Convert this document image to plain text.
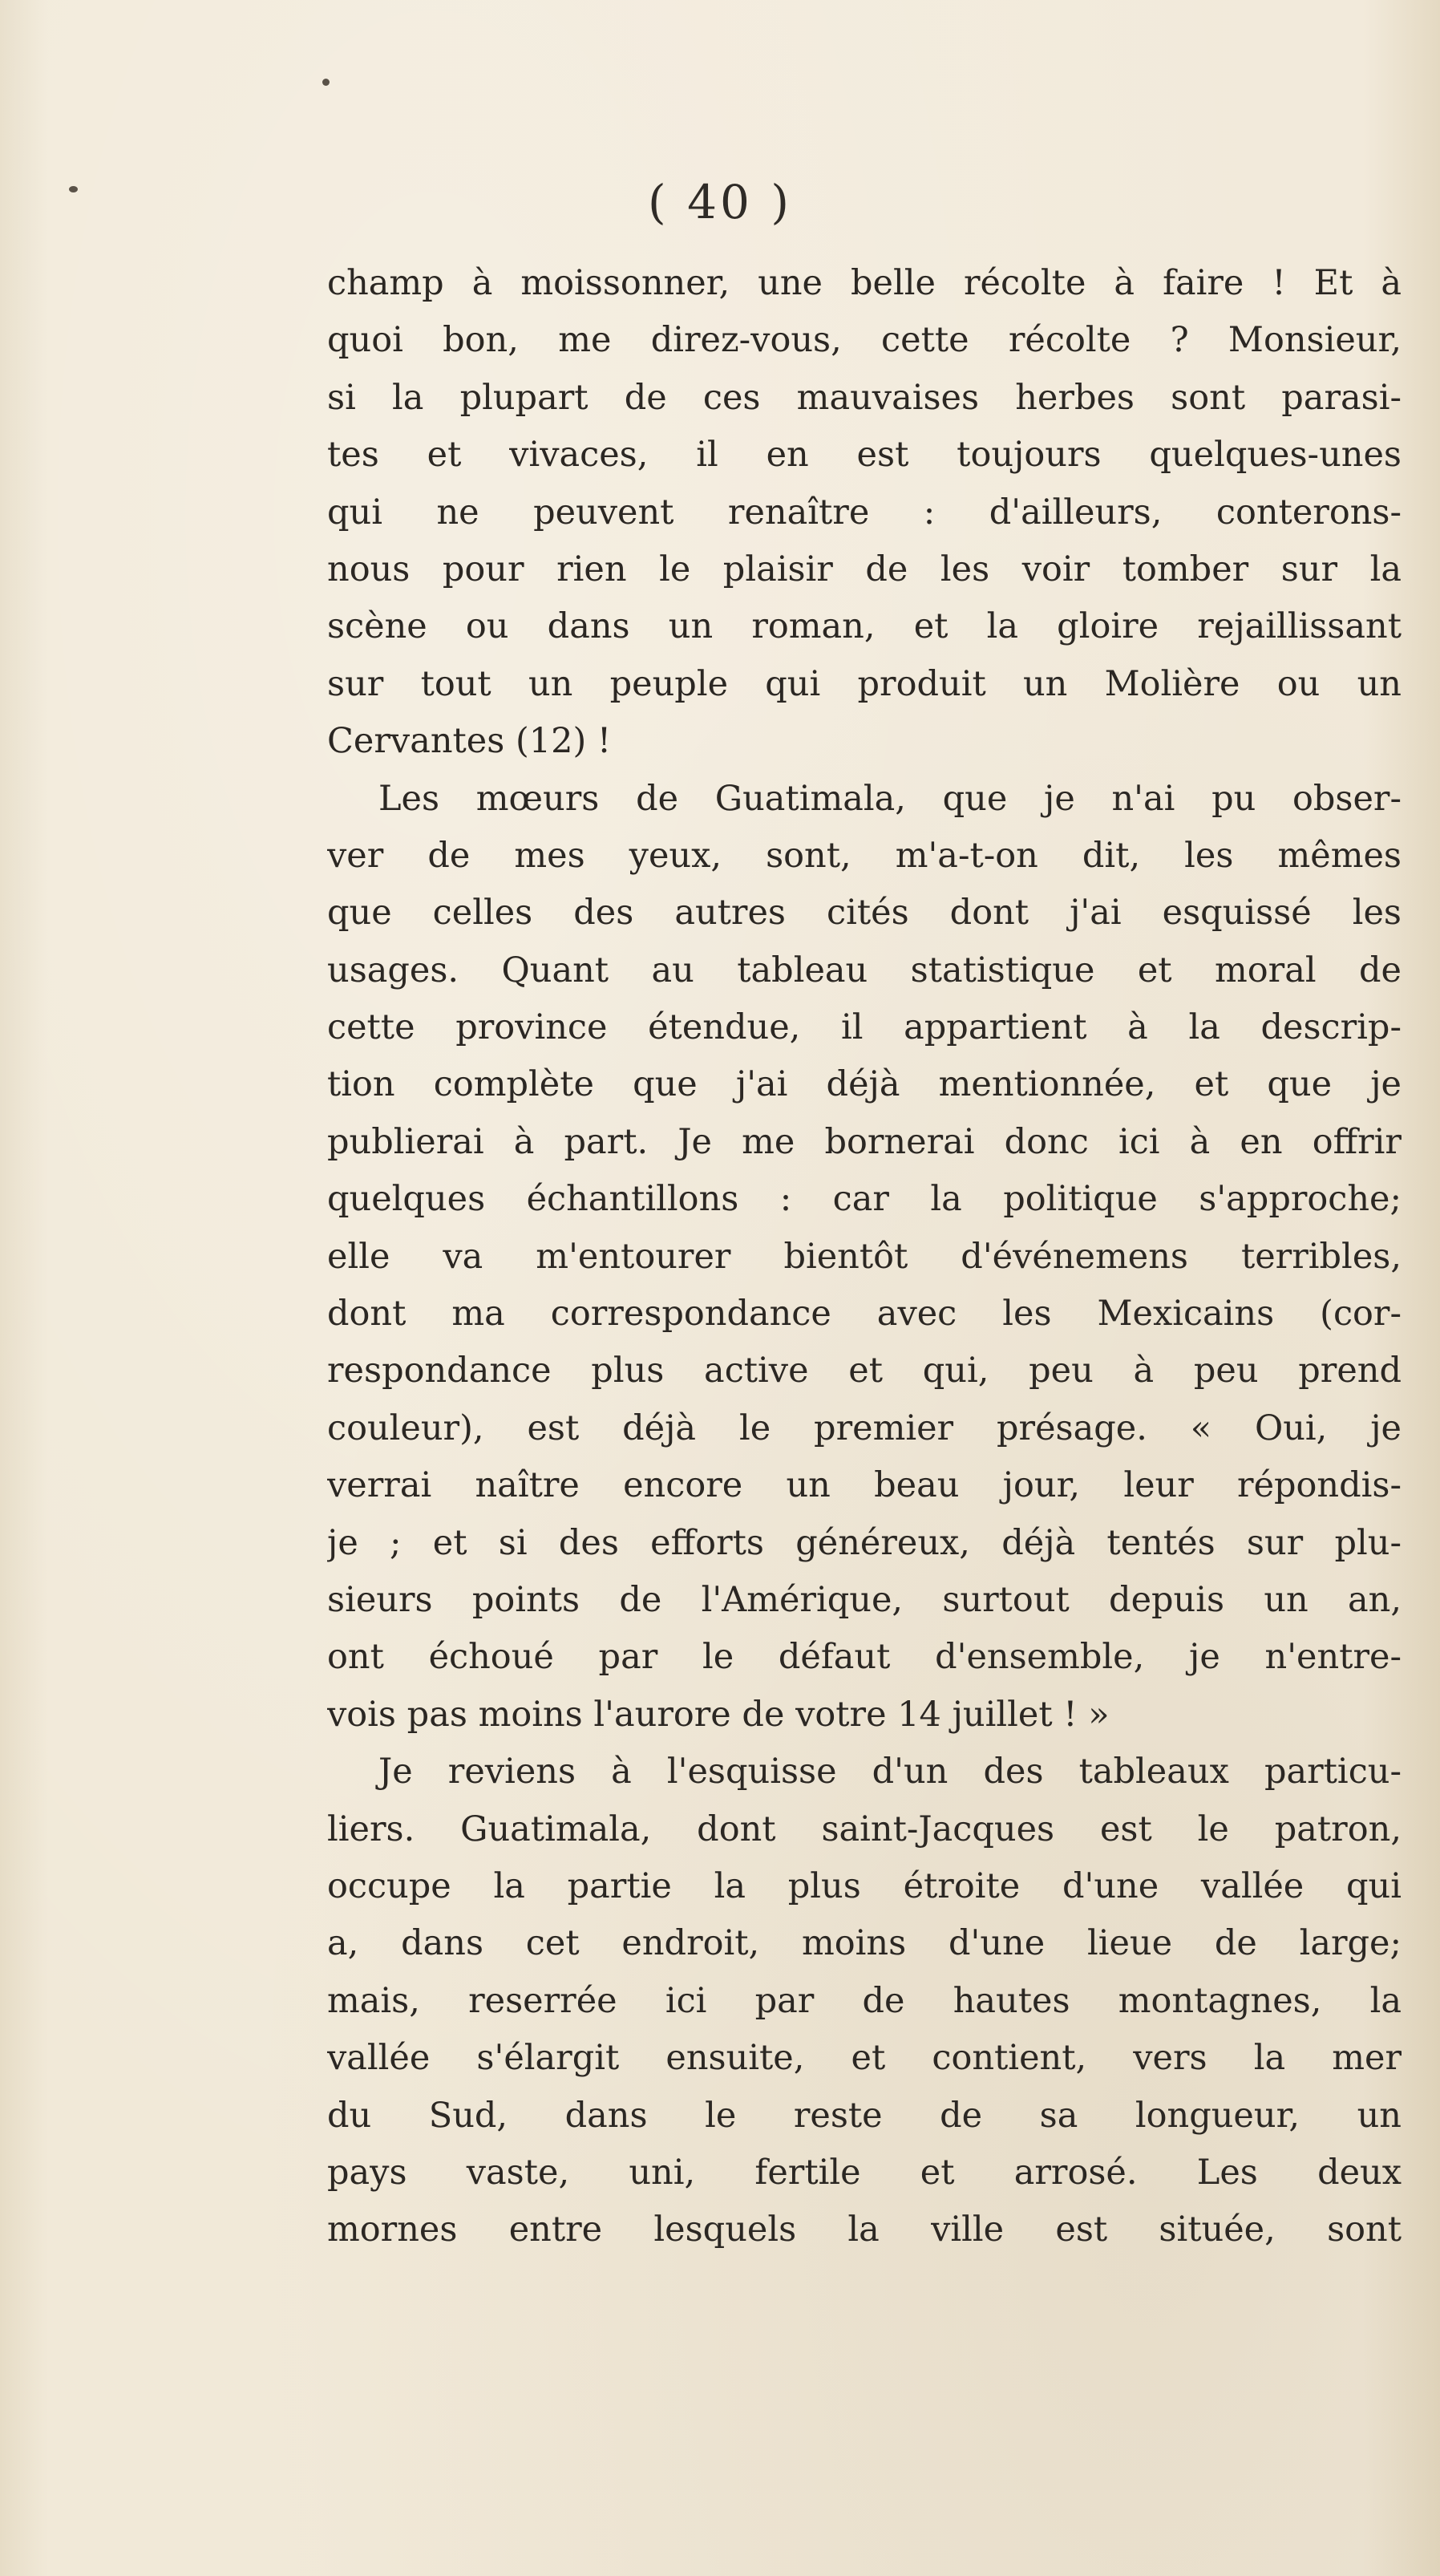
( 40 )
champ à moissonner, une belle récolte à faire ! Et à
quoi bon, me direz-vous, cette récolte ? Monsieur,
si la plupart de ces mauvaises herbes sont parasi-
tes et vivaces, il en est toujours quelques-unes
qui ne peuvent renaître : d'ailleurs, conterons-
nous pour rien le plaisir de les voir tomber sur la
scène ou dans un roman, et la gloire rejaillissant
sur tout un peuple qui produit un Molière ou un
Cervantes (12) !
Les mœurs de Guatimala, que je n'ai pu obser-
ver de mes yeux, sont, m'a-t-on dit, les mêmes
que celles des autres cités dont j'ai esquissé les
usages. Quant au tableau statistique et moral de
cette province étendue, il appartient à la descrip-
tion complète que j'ai déjà mentionnée, et que je
publierai à part. Je me bornerai donc ici à en offrir
quelques échantillons : car la politique s'approche;
elle va m'entourer bientôt d'événemens terribles,
dont ma correspondance avec les Mexicains (cor-
respondance plus active et qui, peu à peu prend
couleur), est déjà le premier présage. « Oui, je
verrai naître encore un beau jour, leur répondis-
je ; et si des efforts généreux, déjà tentés sur plu-
sieurs points de l'Amérique, surtout depuis un an,
ont échoué par le défaut d'ensemble, je n'entre-
vois pas moins l'aurore de votre 14 juillet ! »
Je reviens à l'esquisse d'un des tableaux particu-
liers. Guatimala, dont saint-Jacques est le patron,
occupe la partie la plus étroite d'une vallée qui
a, dans cet endroit, moins d'une lieue de large;
mais, reserrée ici par de hautes montagnes, la
vallée s'élargit ensuite, et contient, vers la mer
du Sud, dans le reste de sa longueur, un
pays vaste, uni, fertile et arrosé. Les deux
mornes entre lesquels la ville est située, sont
